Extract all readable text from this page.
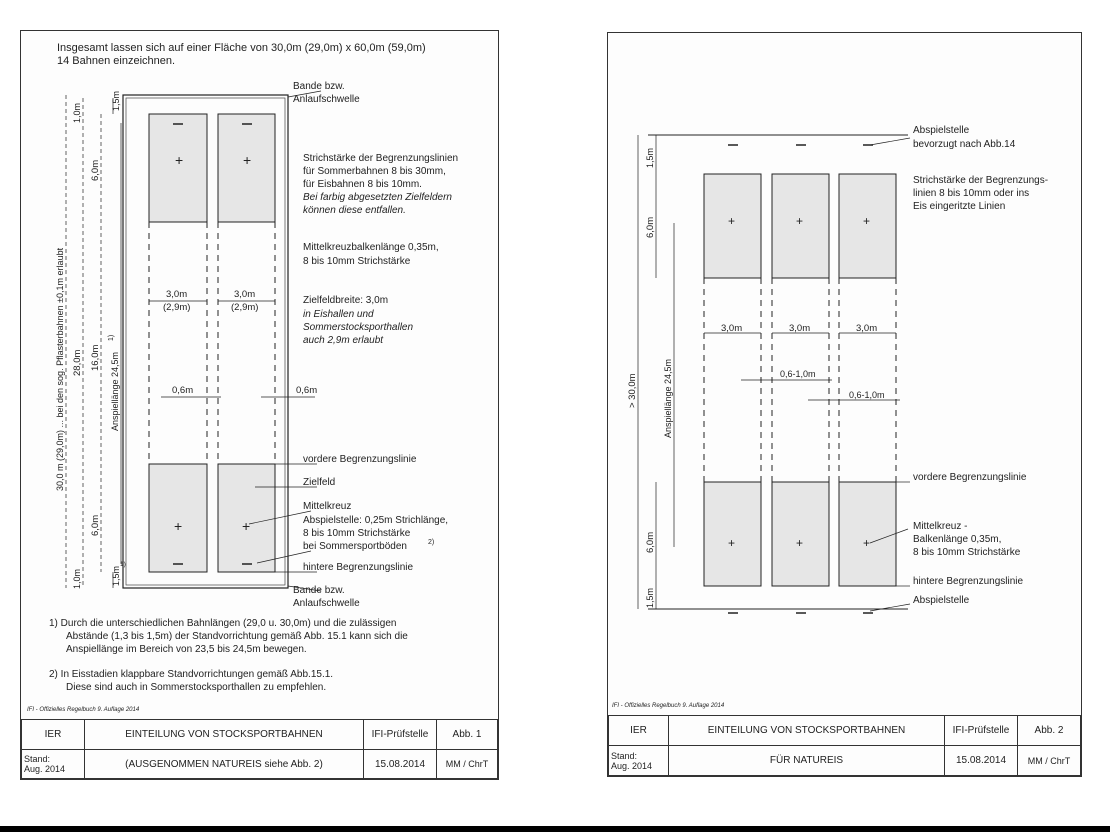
Insgesamt lassen sich auf einer Fläche von 30,0m (29,0m) x 60,0m (59,0m)
14 Bahnen einzeichnen.
+	+
+	+
3,0m
(2,9m)
3,0m
(2,9m)
0,6m	0,6m
30,0 m (29,0m) ... bei den sog. Pflasterbahnen ±0,1m erlaubt 28,0m 16,0m
6,0m
6,0m
1,0m
1,5m
Anspiellänge 24,5m
1)
1,0m	1,5m
1)
Bande bzw.
Anlaufschwelle
Strichstärke der Begrenzungslinien
für Sommerbahnen 8 bis 30mm,
für Eisbahnen 8 bis 10mm.
Bei farbig abgesetzten Zielfeldern
können diese entfallen.
Mittelkreuzbalkenlänge 0,35m,
8 bis 10mm Strichstärke
Zielfeldbreite: 3,0m
in Eishallen und
Sommerstocksporthallen
auch 2,9m erlaubt
vordere Begrenzungslinie
Zielfeld
Mittelkreuz
Abspielstelle: 0,25m Strichlänge,
8 bis 10mm Strichstärke
bei Sommersportböden	2)
hintere Begrenzungslinie
Bande bzw.
Anlaufschwelle
1) Durch die unterschiedlichen Bahnlängen (29,0 u. 30,0m) und die zulässigen
Abstände (1,3 bis 1,5m) der Standvorrichtung gemäß Abb. 15.1 kann sich die
Anspiellänge im Bereich von 23,5 bis 24,5m bewegen.
2) In Eisstadien klappbare Standvorrichtungen gemäß Abb.15.1.
Diese sind auch in Sommerstocksporthallen zu empfehlen.
IFI - Offizielles Regelbuch 9. Auflage 2014
IER	EINTEILUNG VON STOCKSPORTBAHNEN	IFI-Prüfstelle	Abb. 1
Stand:
Aug. 2014	(AUSGENOMMEN NATUREIS siehe Abb. 2)	15.08.2014	MM / ChrT
+	+	+
+	+	+
3,0m	3,0m	3,0m
0,6-1,0m
0,6-1,0m
1,5m
6,0m
> 30,0m	Anspiellänge 24,5m
6,0m
1,5m
Abspielstelle
bevorzugt nach Abb.14
Strichstärke der Begrenzungs-
linien 8 bis 10mm oder ins
Eis eingeritzte Linien
vordere Begrenzungslinie
Mittelkreuz -
Balkenlänge 0,35m,
8 bis 10mm Strichstärke
hintere Begrenzungslinie
Abspielstelle
IFI - Offizielles Regelbuch 9. Auflage 2014
IER	EINTEILUNG VON STOCKSPORTBAHNEN	IFI-Prüfstelle	Abb. 2
Stand:
Aug. 2014	FÜR NATUREIS	15.08.2014	MM / ChrT
